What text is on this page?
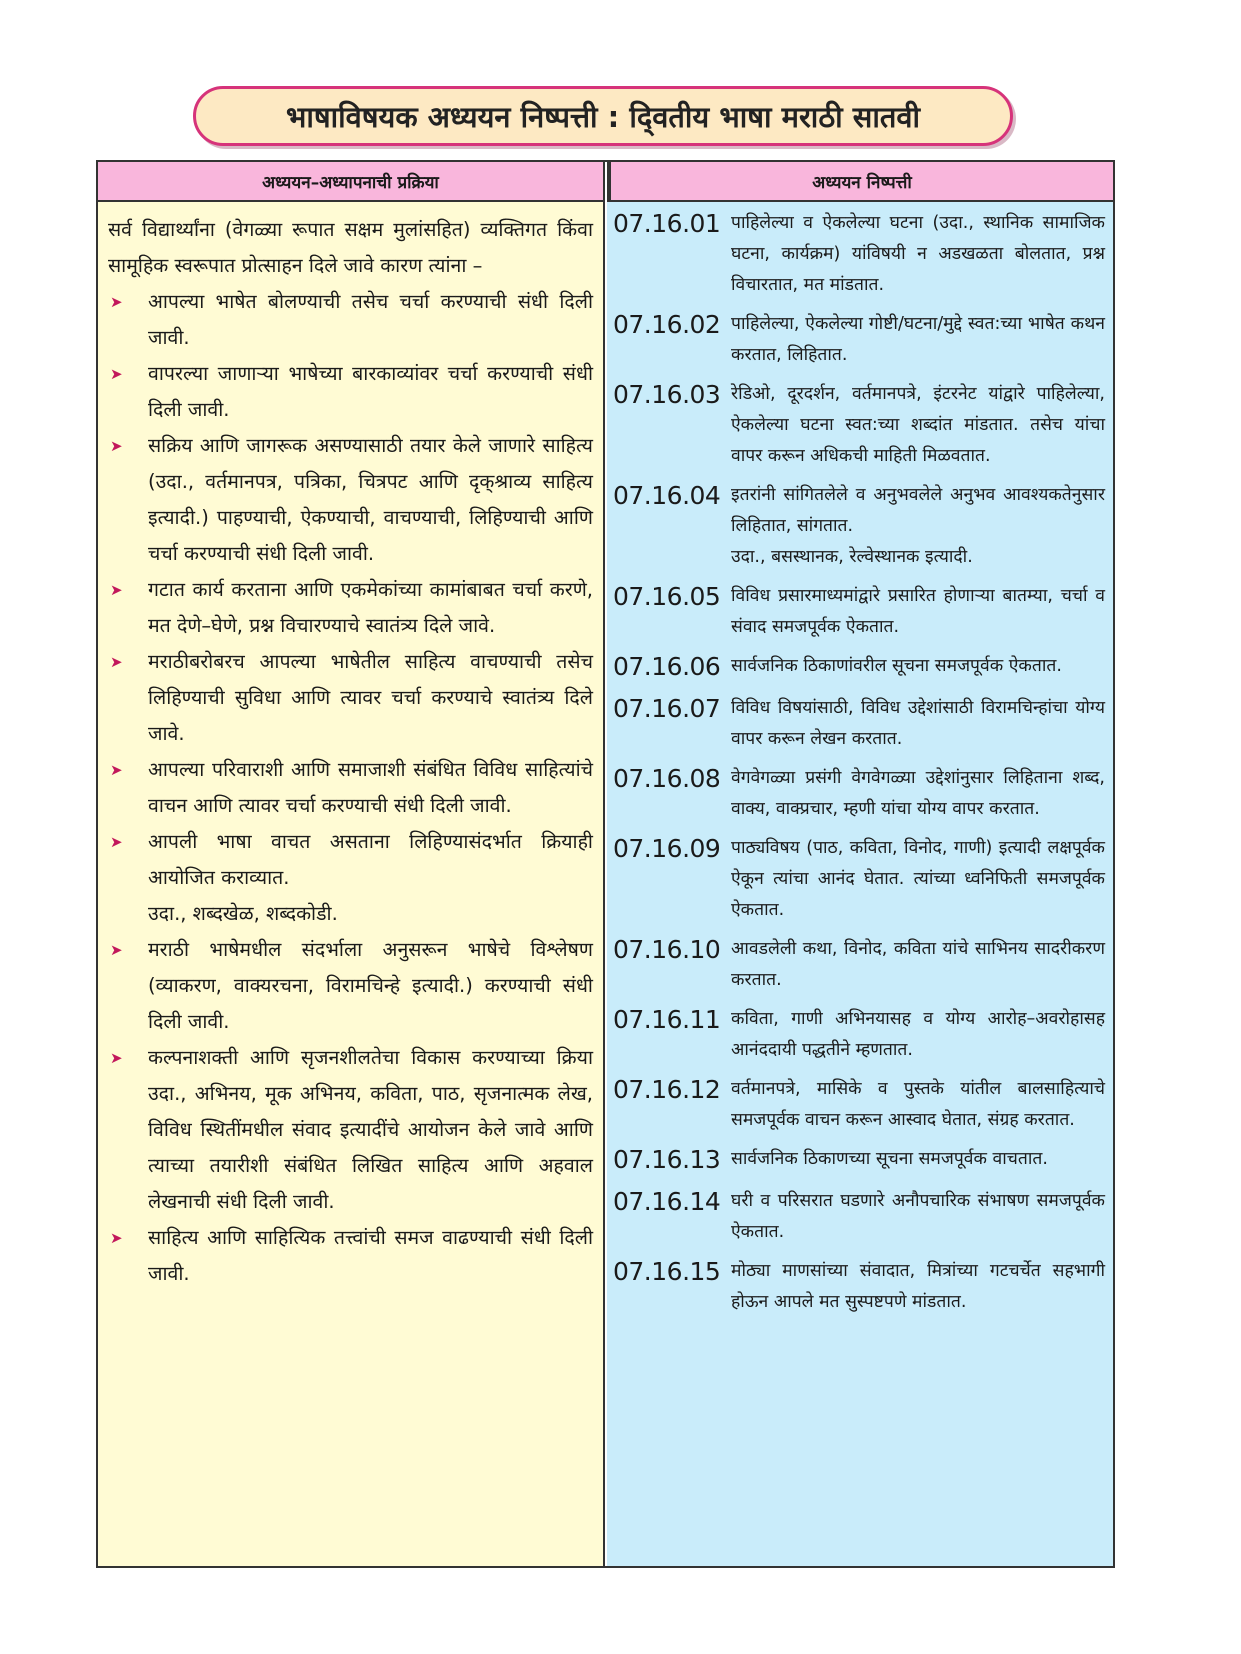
भाषाविषयक अध्ययन निष्पत्ती : द्‍वितीय भाषा मराठी सातवी
अध्ययन–अध्यापनाची प्रक्रिया

सर्व विद्यार्थ्यांना (वेगळ्या रूपात सक्षम मुलांसहित) व्यक्तिगत किंवा सामूहिक स्वरूपात प्रोत्साहन दिले जावे कारण त्यांना –

➤ आपल्या भाषेत बोलण्याची तसेच चर्चा करण्याची संधी दिली जावी.
➤ वापरल्या जाणाऱ्या भाषेच्या बारकाव्यांवर चर्चा करण्याची संधी दिली जावी.
➤ सक्रिय आणि जागरूक असण्यासाठी तयार केले जाणारे साहित्य (उदा., वर्तमानपत्र, पत्रिका, चित्रपट आणि दृक्‌श्राव्य साहित्य इत्यादी.) पाहण्याची, ऐकण्याची, वाचण्याची, लिहिण्याची आणि चर्चा करण्याची संधी दिली जावी.
➤ गटात कार्य करताना आणि एकमेकांच्या कामांबाबत चर्चा करणे, मत देणे–घेणे, प्रश्न विचारण्याचे स्वातंत्र्य दिले जावे.
➤ मराठीबरोबरच आपल्या भाषेतील साहित्य वाचण्याची तसेच लिहिण्याची सुविधा आणि त्यावर चर्चा करण्याचे स्वातंत्र्य दिले जावे.
➤ आपल्या परिवाराशी आणि समाजाशी संबंधित विविध साहित्यांचे वाचन आणि त्यावर चर्चा करण्याची संधी दिली जावी.
➤ आपली भाषा वाचत असताना लिहिण्यासंदर्भात क्रियाही आयोजित कराव्यात.
उदा., शब्दखेळ, शब्दकोडी.
➤ मराठी भाषेमधील संदर्भाला अनुसरून भाषेचे विश्लेषण (व्याकरण, वाक्यरचना, विरामचिन्हे इत्यादी.) करण्याची संधी दिली जावी.
➤ कल्पनाशक्ती आणि सृजनशीलतेचा विकास करण्याच्या क्रिया उदा., अभिनय, मूक अभिनय, कविता, पाठ, सृजनात्मक लेख, विविध स्थितींमधील संवाद इत्यादींचे आयोजन केले जावे आणि त्याच्या तयारीशी संबंधित लिखित साहित्य आणि अहवाल लेखनाची संधी दिली जावी.
➤ साहित्य आणि साहित्यिक तत्त्वांची समज वाढण्याची संधी दिली जावी.
अध्ययन निष्पत्ती
07.16.01 पाहिलेल्या व ऐकलेल्या घटना (उदा., स्थानिक सामाजिक घटना, कार्यक्रम) यांविषयी न अडखळता बोलतात, प्रश्न विचारतात, मत मांडतात.
07.16.02 पाहिलेल्या, ऐकलेल्या गोष्टी/घटना/मुद्दे स्वत:च्या भाषेत कथन करतात, लिहितात.
07.16.03 रेडिओ, दूरदर्शन, वर्तमानपत्रे, इंटरनेट यांद्वारे पाहिलेल्या, ऐकलेल्या घटना स्वत:च्या शब्दांत मांडतात. तसेच यांचा वापर करून अधिकची माहिती मिळवतात.
07.16.04 इतरांनी सांगितलेले व अनुभवलेले अनुभव आवश्यकतेनुसार लिहितात, सांगतात.
उदा., बसस्थानक, रेल्वेस्थानक इत्यादी.
07.16.05 विविध प्रसारमाध्यमांद्वारे प्रसारित होणाऱ्या बातम्या, चर्चा व संवाद समजपूर्वक ऐकतात.
07.16.06 सार्वजनिक ठिकाणांवरील सूचना समजपूर्वक ऐकतात.
07.16.07 विविध विषयांसाठी, विविध उद्देशांसाठी विरामचिन्हांचा योग्य वापर करून लेखन करतात.
07.16.08 वेगवेगळ्या प्रसंगी वेगवेगळ्या उद्देशांनुसार लिहिताना शब्द, वाक्य, वाक्प्रचार, म्हणी यांचा योग्य वापर करतात.
07.16.09 पाठ्यविषय (पाठ, कविता, विनोद, गाणी) इत्यादी लक्षपूर्वक ऐकून त्यांचा आनंद घेतात. त्यांच्या ध्वनिफिती समजपूर्वक ऐकतात.
07.16.10 आवडलेली कथा, विनोद, कविता यांचे साभिनय सादरीकरण करतात.
07.16.11 कविता, गाणी अभिनयासह व योग्य आरोह–अवरोहासह आनंददायी पद्धतीने म्हणतात.
07.16.12 वर्तमानपत्रे, मासिके व पुस्तके यांतील बालसाहित्याचे समजपूर्वक वाचन करून आस्वाद घेतात, संग्रह करतात.
07.16.13 सार्वजनिक ठिकाणच्या सूचना समजपूर्वक वाचतात.
07.16.14 घरी व परिसरात घडणारे अनौपचारिक संभाषण समजपूर्वक ऐकतात.
07.16.15 मोठ्या माणसांच्या संवादात, मित्रांच्या गटचर्चेत सहभागी होऊन आपले मत सुस्पष्टपणे मांडतात.
